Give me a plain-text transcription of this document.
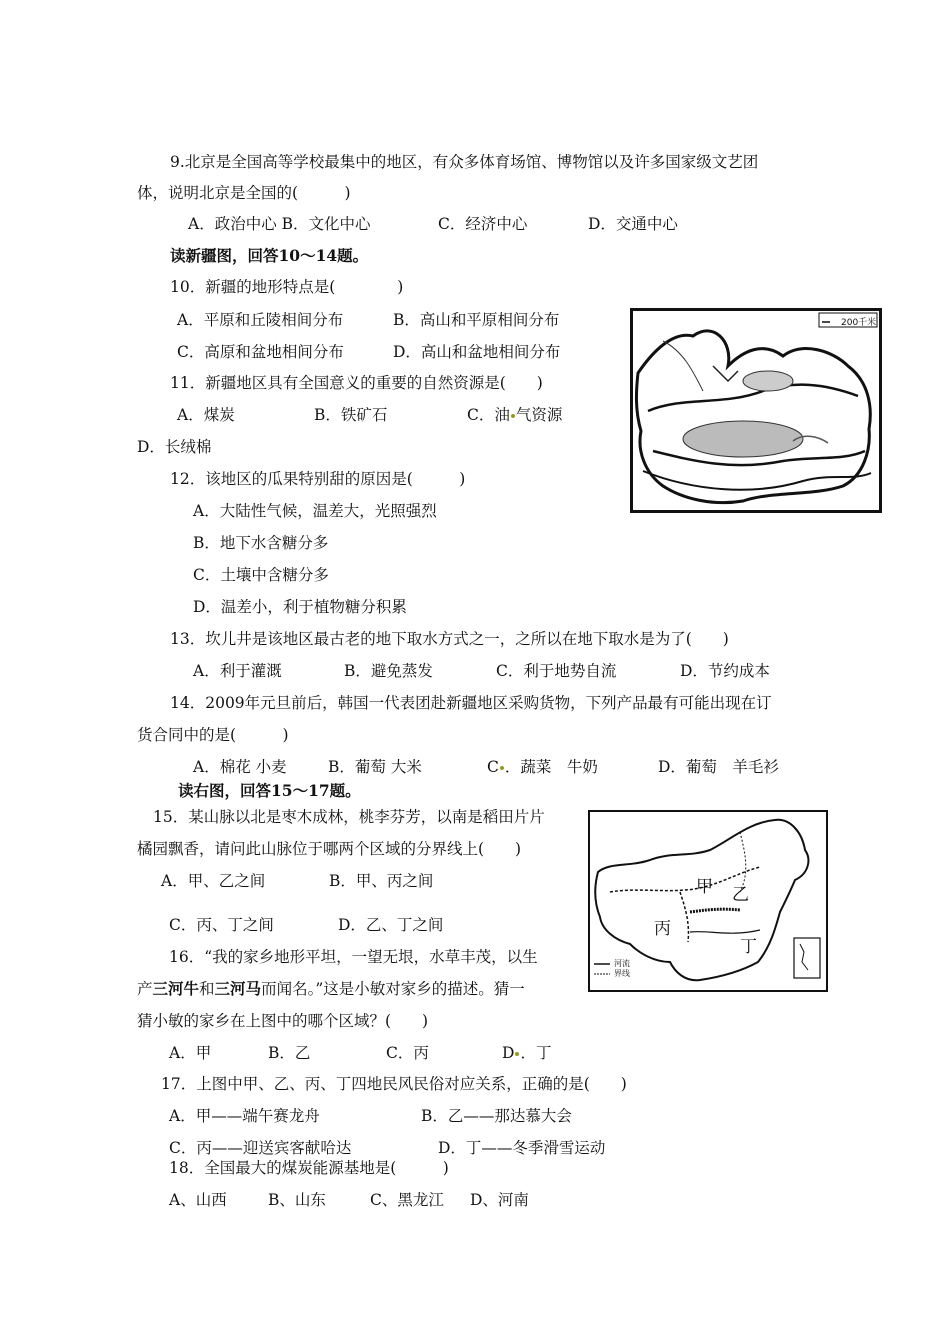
9.北京是全国高等学校最集中的地区，有众多体育场馆、博物馆以及许多国家级文艺团
体，说明北京是全国的(　　　)
A．政治中心 B．文化中心	C．经济中心	D．交通中心
读新疆图，回答10～14题。
10．新疆的地形特点是(　　　　)
A．平原和丘陵相间分布	B．高山和平原相间分布
C．高原和盆地相间分布	D．高山和盆地相间分布
11．新疆地区具有全国意义的重要的自然资源是(　　)
A．煤炭	B．铁矿石	C．油 气资源
D．长绒棉
200千米
12．该地区的瓜果特别甜的原因是(　　　)
A．大陆性气候，温差大，光照强烈
B．地下水含糖分多
C．土壤中含糖分多
D．温差小，利于植物糖分积累
13．坎儿井是该地区最古老的地下取水方式之一，之所以在地下取水是为了(　　)
A．利于灌溉	B．避免蒸发	C．利于地势自流	D．节约成本
14．2009年元旦前后，韩国一代表团赴新疆地区采购货物，下列产品最有可能出现在订
货合同中的是(　　　)
A．棉花 小麦	B．葡萄 大米	C ．蔬菜　牛奶	D．葡萄　羊毛衫
读右图，回答15～17题。
甲 乙
丙
丁
河流
界线
15．某山脉以北是枣木成林，桃李芬芳，以南是稻田片片
橘园飘香，请问此山脉位于哪两个区域的分界线上(　　)
A．甲、乙之间	B．甲、丙之间
C．丙、丁之间	D．乙、丁之间
16．“我的家乡地形平坦，一望无垠，水草丰茂，以生
产三河牛和三河马而闻名。”这是小敏对家乡的描述。猜一
猜小敏的家乡在上图中的哪个区域？(　　)
A．甲	B．乙	C．丙	D ．丁
17．上图中甲、乙、丙、丁四地民风民俗对应关系，正确的是(　　)
A．甲——端午赛龙舟	B．乙——那达慕大会
C．丙——迎送宾客献哈达	D．丁——冬季滑雪运动
18．全国最大的煤炭能源基地是(　　　)
A、山西	B、山东	C、黑龙江 D、河南
